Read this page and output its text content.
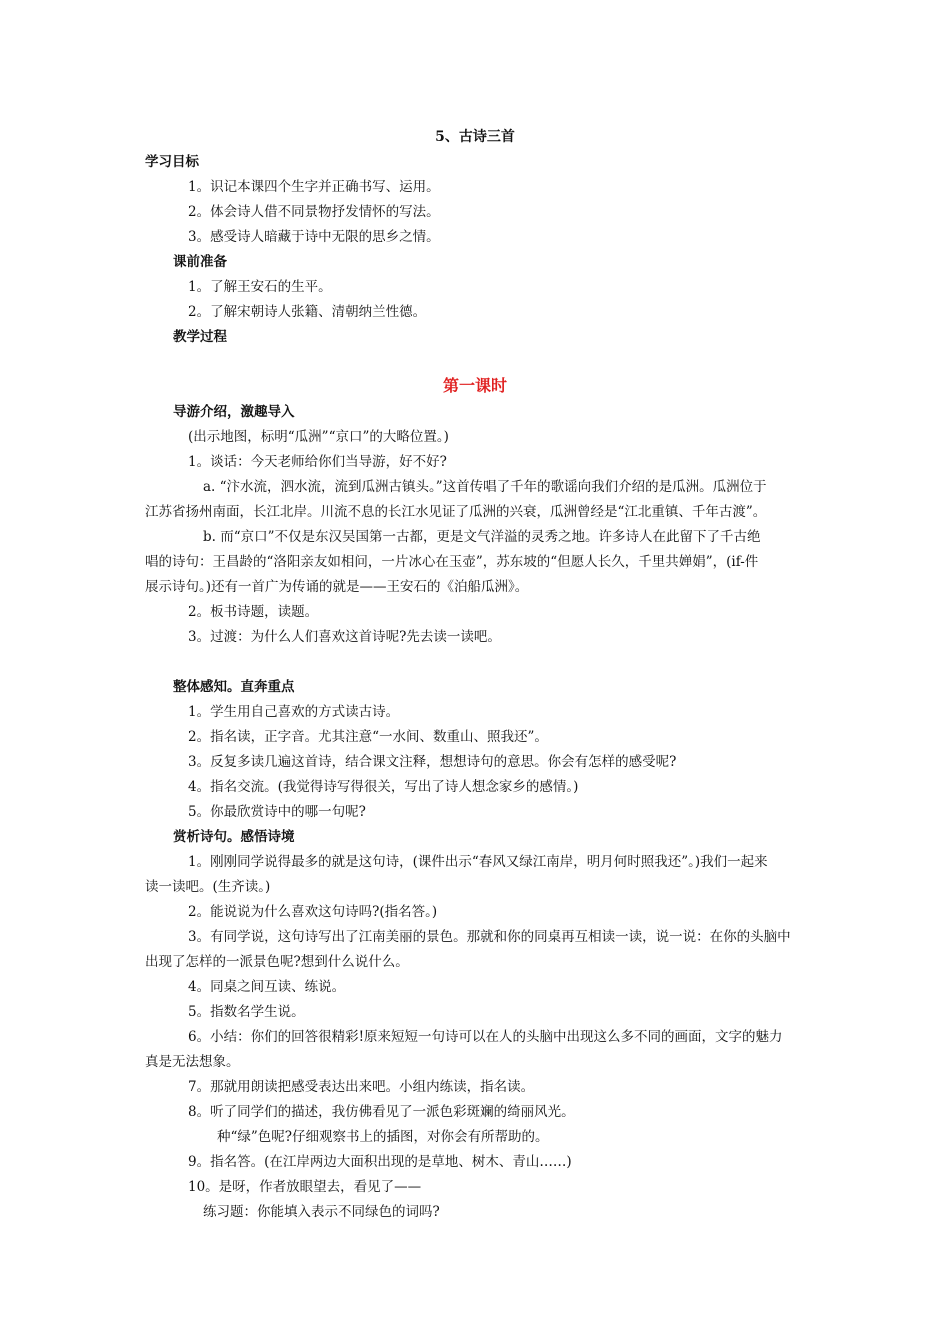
5、古诗三首
学习目标
1。识记本课四个生字并正确书写、运用。
2。体会诗人借不同景物抒发情怀的写法。
3。感受诗人暗藏于诗中无限的思乡之情。
课前准备
1。了解王安石的生平。
2。了解宋朝诗人张籍、清朝纳兰性德。
教学过程
第一课时
导游介绍，激趣导入
(出示地图，标明“瓜洲”“京口”的大略位置。)
1。谈话：今天老师给你们当导游，好不好?
a. “汴水流，泗水流，流到瓜洲古镇头。”这首传唱了千年的歌谣向我们介绍的是瓜洲。瓜洲位于
江苏省扬州南面，长江北岸。川流不息的长江水见证了瓜洲的兴衰，瓜洲曾经是“江北重镇、千年古渡”。
b. 而“京口”不仅是东汉吴国第一古都，更是文气洋溢的灵秀之地。许多诗人在此留下了千古绝
唱的诗句：王昌龄的“洛阳亲友如相问，一片冰心在玉壶”，苏东坡的“但愿人长久，千里共婵娟”，(if-件
展示诗句。)还有一首广为传诵的就是——王安石的《泊船瓜洲》。
2。板书诗题，读题。
3。过渡：为什么人们喜欢这首诗呢?先去读一读吧。
整体感知。直奔重点
1。学生用自己喜欢的方式读古诗。
2。指名读，正字音。尤其注意“一水间、数重山、照我还”。
3。反复多读几遍这首诗，结合课文注释，想想诗句的意思。你会有怎样的感受呢?
4。指名交流。(我觉得诗写得很关，写出了诗人想念家乡的感情。)
5。你最欣赏诗中的哪一句呢?
赏析诗句。感悟诗境
1。刚刚同学说得最多的就是这句诗，(课件出示“春风又绿江南岸，明月何时照我还”。)我们一起来
读一读吧。(生齐读。)
2。能说说为什么喜欢这句诗吗?(指名答。)
3。有同学说，这句诗写出了江南美丽的景色。那就和你的同桌再互相读一读，说一说：在你的头脑中
出现了怎样的一派景色呢?想到什么说什么。
4。同桌之间互读、练说。
5。指数名学生说。
6。小结：你们的回答很精彩!原来短短一句诗可以在人的头脑中出现这么多不同的画面，文字的魅力
真是无法想象。
7。那就用朗读把感受表达出来吧。小组内练读，指名读。
8。听了同学们的描述，我仿佛看见了一派色彩斑斓的绮丽风光。
种“绿”色呢?仔细观察书上的插图，对你会有所帮助的。
9。指名答。(在江岸两边大面积出现的是草地、树木、青山……)
10。是呀，作者放眼望去，看见了——
练习题：你能填入表示不同绿色的词吗?
